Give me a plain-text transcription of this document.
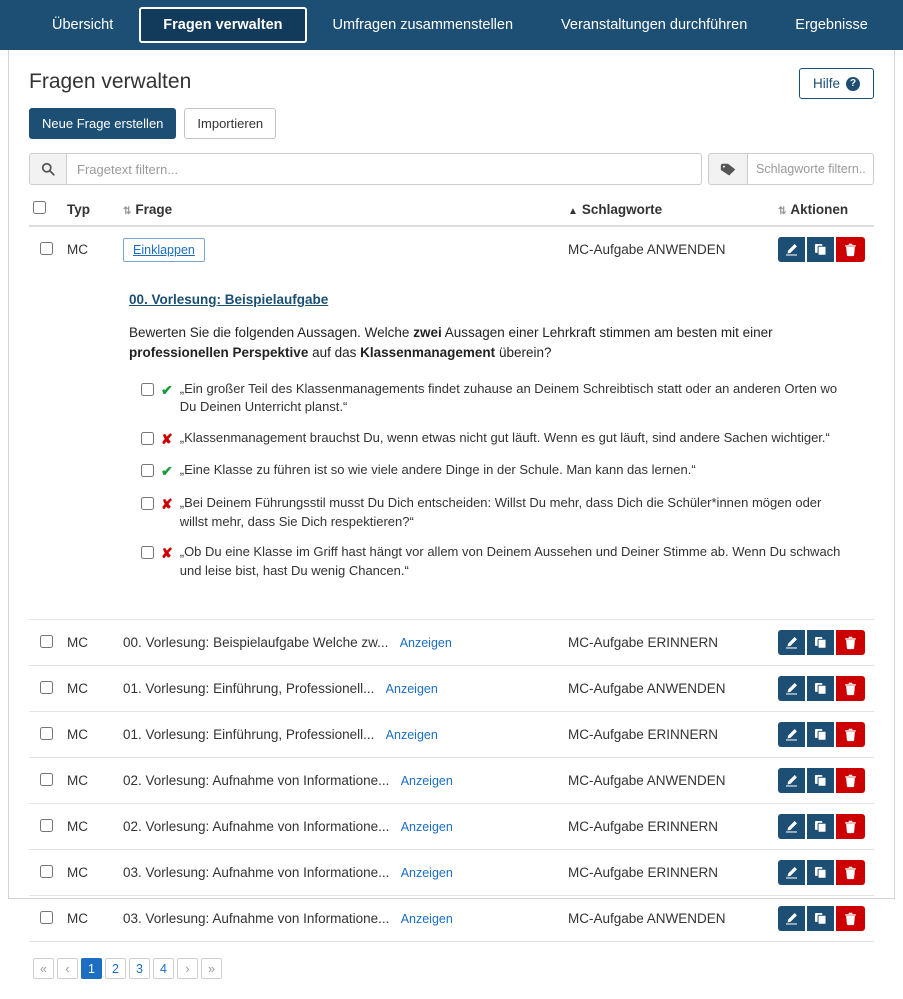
Übersicht	Fragen verwalten	Umfragen zusammenstellen	Veranstaltungen durchführen	Ergebnisse
Hilfe ?
Fragen verwalten
Neue Frage erstellen	Importieren
Fragetext filtern...
Schlagworte filtern...
	Typ	⇅ Frage	▲ Schlagworte	⇅ Aktionen
	MC	Einklappen	MC-Aufgabe ANWENDEN	

00. Vorlesung: Beispielaufgabe
Bewerten Sie die folgenden Aussagen. Welche zwei Aussagen einer Lehrkraft stimmen am besten mit einer professionellen Perspektive auf das Klassenmanagement überein?
✔ „Ein großer Teil des Klassenmanagements findet zuhause an Deinem Schreibtisch statt oder an anderen Orten wo Du Deinen Unterricht planst.“
✘ „Klassenmanagement brauchst Du, wenn etwas nicht gut läuft. Wenn es gut läuft, sind andere Sachen wichtiger.“
✔ „Eine Klasse zu führen ist so wie viele andere Dinge in der Schule. Man kann das lernen.“
✘ „Bei Deinem Führungsstil musst Du Dich entscheiden: Willst Du mehr, dass Dich die Schüler*innen mögen oder willst mehr, dass Sie Dich respektieren?“
✘ „Ob Du eine Klasse im Griff hast hängt vor allem von Deinem Aussehen und Deiner Stimme ab. Wenn Du schwach und leise bist, hast Du wenig Chancen.“

	MC	00. Vorlesung: Beispielaufgabe Welche zw... Anzeigen	MC-Aufgabe ERINNERN	

	MC	01. Vorlesung: Einführung, Professionell... Anzeigen	MC-Aufgabe ANWENDEN	

	MC	01. Vorlesung: Einführung, Professionell... Anzeigen	MC-Aufgabe ERINNERN	

	MC	02. Vorlesung: Aufnahme von Informatione... Anzeigen	MC-Aufgabe ANWENDEN	

	MC	02. Vorlesung: Aufnahme von Informatione... Anzeigen	MC-Aufgabe ERINNERN	

	MC	03. Vorlesung: Aufnahme von Informatione... Anzeigen	MC-Aufgabe ERINNERN	

	MC	03. Vorlesung: Aufnahme von Informatione... Anzeigen	MC-Aufgabe ANWENDEN	
«	‹	1	2	3	4	›	»
